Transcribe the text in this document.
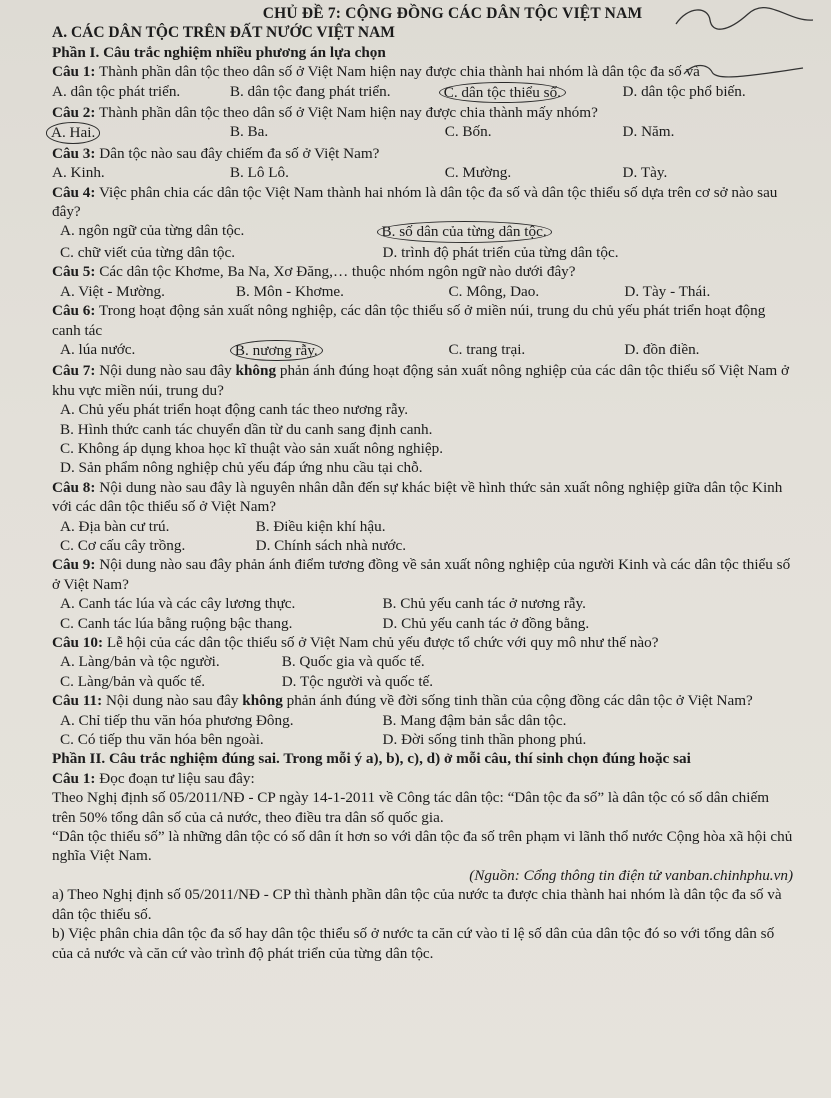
CHỦ ĐỀ 7: CỘNG ĐỒNG CÁC DÂN TỘC VIỆT NAM

A. CÁC DÂN TỘC TRÊN ĐẤT NƯỚC VIỆT NAM

Phần I. Câu trắc nghiệm nhiều phương án lựa chọn

Câu 1: Thành phần dân tộc theo dân số ở Việt Nam hiện nay được chia thành hai nhóm là dân tộc đa số và

A. dân tộc phát triển.	B. dân tộc đang phát triển.	C. dân tộc thiểu số.	D. dân tộc phổ biến.

Câu 2: Thành phần dân tộc theo dân số ở Việt Nam hiện nay được chia thành mấy nhóm?

A. Hai.	B. Ba.	C. Bốn.	D. Năm.

Câu 3: Dân tộc nào sau đây chiếm đa số ở Việt Nam?

A. Kinh.	B. Lô Lô.	C. Mường.	D. Tày.

Câu 4: Việc phân chia các dân tộc Việt Nam thành hai nhóm là dân tộc đa số và dân tộc thiểu số dựa trên cơ sở nào sau đây?

A. ngôn ngữ của từng dân tộc.	B. số dân của từng dân tộc.
C. chữ viết của từng dân tộc.	D. trình độ phát triển của từng dân tộc.

Câu 5: Các dân tộc Khơme, Ba Na, Xơ Đăng,… thuộc nhóm ngôn ngữ nào dưới đây?

A. Việt - Mường.	B. Môn - Khơme.	C. Mông, Dao.	D. Tày - Thái.

Câu 6: Trong hoạt động sản xuất nông nghiệp, các dân tộc thiểu số ở miền núi, trung du chủ yếu phát triển hoạt động canh tác

A. lúa nước.	B. nương rẫy.	C. trang trại.	D. đồn điền.

Câu 7: Nội dung nào sau đây không phản ánh đúng hoạt động sản xuất nông nghiệp của các dân tộc thiểu số Việt Nam ở khu vực miền núi, trung du?

A. Chủ yếu phát triển hoạt động canh tác theo nương rẫy.

B. Hình thức canh tác chuyển dần từ du canh sang định canh.

C. Không áp dụng khoa học kĩ thuật vào sản xuất nông nghiệp.

D. Sản phẩm nông nghiệp chủ yếu đáp ứng nhu cầu tại chỗ.

Câu 8: Nội dung nào sau đây là nguyên nhân dẫn đến sự khác biệt về hình thức sản xuất nông nghiệp giữa dân tộc Kinh với các dân tộc thiểu số ở Việt Nam?

A. Địa bàn cư trú.	B. Điều kiện khí hậu.
C. Cơ cấu cây trồng.	D. Chính sách nhà nước.

Câu 9: Nội dung nào sau đây phản ánh điểm tương đồng về sản xuất nông nghiệp của người Kinh và các dân tộc thiểu số ở Việt Nam?

A. Canh tác lúa và các cây lương thực.	B. Chủ yếu canh tác ở nương rẫy.
C. Canh tác lúa bằng ruộng bậc thang.	D. Chủ yếu canh tác ở đồng bằng.

Câu 10: Lễ hội của các dân tộc thiểu số ở Việt Nam chủ yếu được tổ chức với quy mô như thế nào?

A. Làng/bản và tộc người.	B. Quốc gia và quốc tế.
C. Làng/bản và quốc tế.	D. Tộc người và quốc tế.

Câu 11: Nội dung nào sau đây không phản ánh đúng về đời sống tinh thần của cộng đồng các dân tộc ở Việt Nam?

A. Chỉ tiếp thu văn hóa phương Đông.	B. Mang đậm bản sắc dân tộc.
C. Có tiếp thu văn hóa bên ngoài.	D. Đời sống tinh thần phong phú.

Phần II. Câu trắc nghiệm đúng sai. Trong mỗi ý a), b), c), d) ở mỗi câu, thí sinh chọn đúng hoặc sai

Câu 1: Đọc đoạn tư liệu sau đây:

Theo Nghị định số 05/2011/NĐ - CP ngày 14-1-2011 về Công tác dân tộc: “Dân tộc đa số” là dân tộc có số dân chiếm trên 50% tổng dân số của cả nước, theo điều tra dân số quốc gia.

“Dân tộc thiểu số” là những dân tộc có số dân ít hơn so với dân tộc đa số trên phạm vi lãnh thổ nước Cộng hòa xã hội chủ nghĩa Việt Nam.

(Nguồn: Cổng thông tin điện tử vanban.chinhphu.vn)

a) Theo Nghị định số 05/2011/NĐ - CP thì thành phần dân tộc của nước ta được chia thành hai nhóm là dân tộc đa số và dân tộc thiểu số.

b) Việc phân chia dân tộc đa số hay dân tộc thiểu số ở nước ta căn cứ vào tỉ lệ số dân của dân tộc đó so với tổng dân số của cả nước và căn cứ vào trình độ phát triển của từng dân tộc.
